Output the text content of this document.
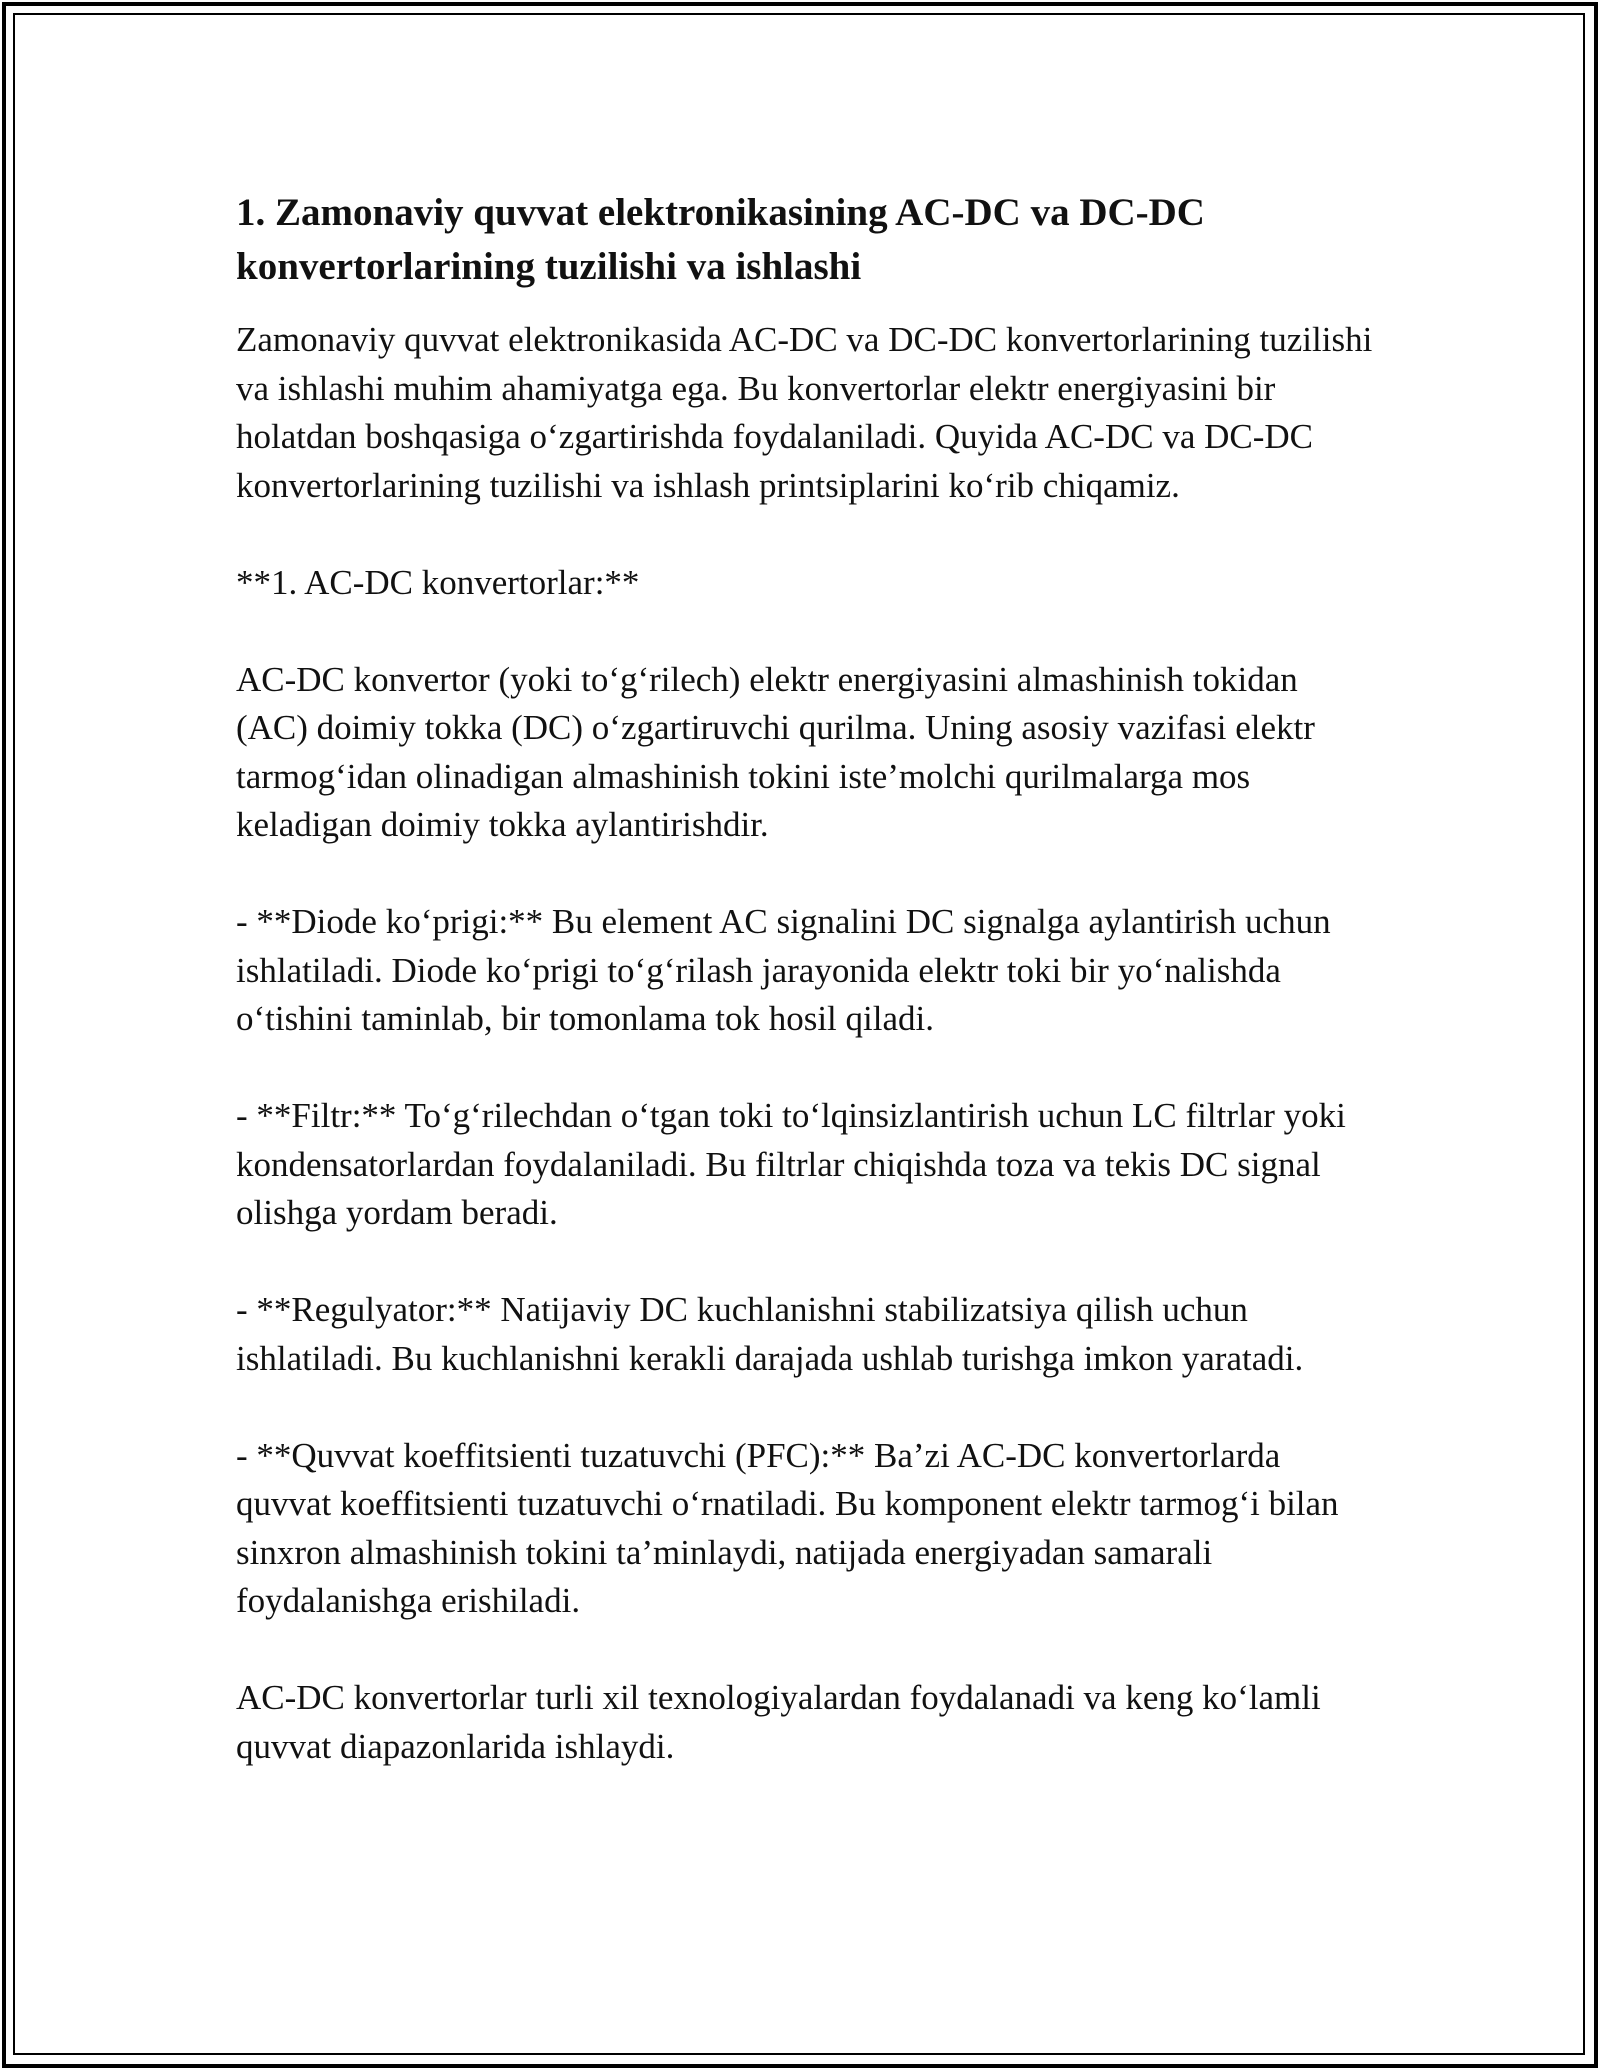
1. Zamonaviy quvvat elektronikasining AC-DC va DC-DC konvertorlarining tuzilishi va ishlashi

Zamonaviy quvvat elektronikasida AC-DC va DC-DC konvertorlarining tuzilishi va ishlashi muhim ahamiyatga ega. Bu konvertorlar elektr energiyasini bir holatdan boshqasiga o‘zgartirishda foydalaniladi. Quyida AC-DC va DC-DC konvertorlarining tuzilishi va ishlash printsiplarini ko‘rib chiqamiz.

**1. AC-DC konvertorlar:**

AC-DC konvertor (yoki to‘g‘rilech) elektr energiyasini almashinish tokidan (AC) doimiy tokka (DC) o‘zgartiruvchi qurilma. Uning asosiy vazifasi elektr tarmog‘idan olinadigan almashinish tokini iste’molchi qurilmalarga mos keladigan doimiy tokka aylantirishdir.

- **Diode ko‘prigi:** Bu element AC signalini DC signalga aylantirish uchun ishlatiladi. Diode ko‘prigi to‘g‘rilash jarayonida elektr toki bir yo‘nalishda o‘tishini taminlab, bir tomonlama tok hosil qiladi.

- **Filtr:** To‘g‘rilechdan o‘tgan toki to‘lqinsizlantirish uchun LC filtrlar yoki kondensatorlardan foydalaniladi. Bu filtrlar chiqishda toza va tekis DC signal olishga yordam beradi.

- **Regulyator:** Natijaviy DC kuchlanishni stabilizatsiya qilish uchun ishlatiladi. Bu kuchlanishni kerakli darajada ushlab turishga imkon yaratadi.

- **Quvvat koeffitsienti tuzatuvchi (PFC):** Ba’zi AC-DC konvertorlarda quvvat koeffitsienti tuzatuvchi o‘rnatiladi. Bu komponent elektr tarmog‘i bilan sinxron almashinish tokini ta’minlaydi, natijada energiyadan samarali foydalanishga erishiladi.

AC-DC konvertorlar turli xil texnologiyalardan foydalanadi va keng ko‘lamli quvvat diapazonlarida ishlaydi.
